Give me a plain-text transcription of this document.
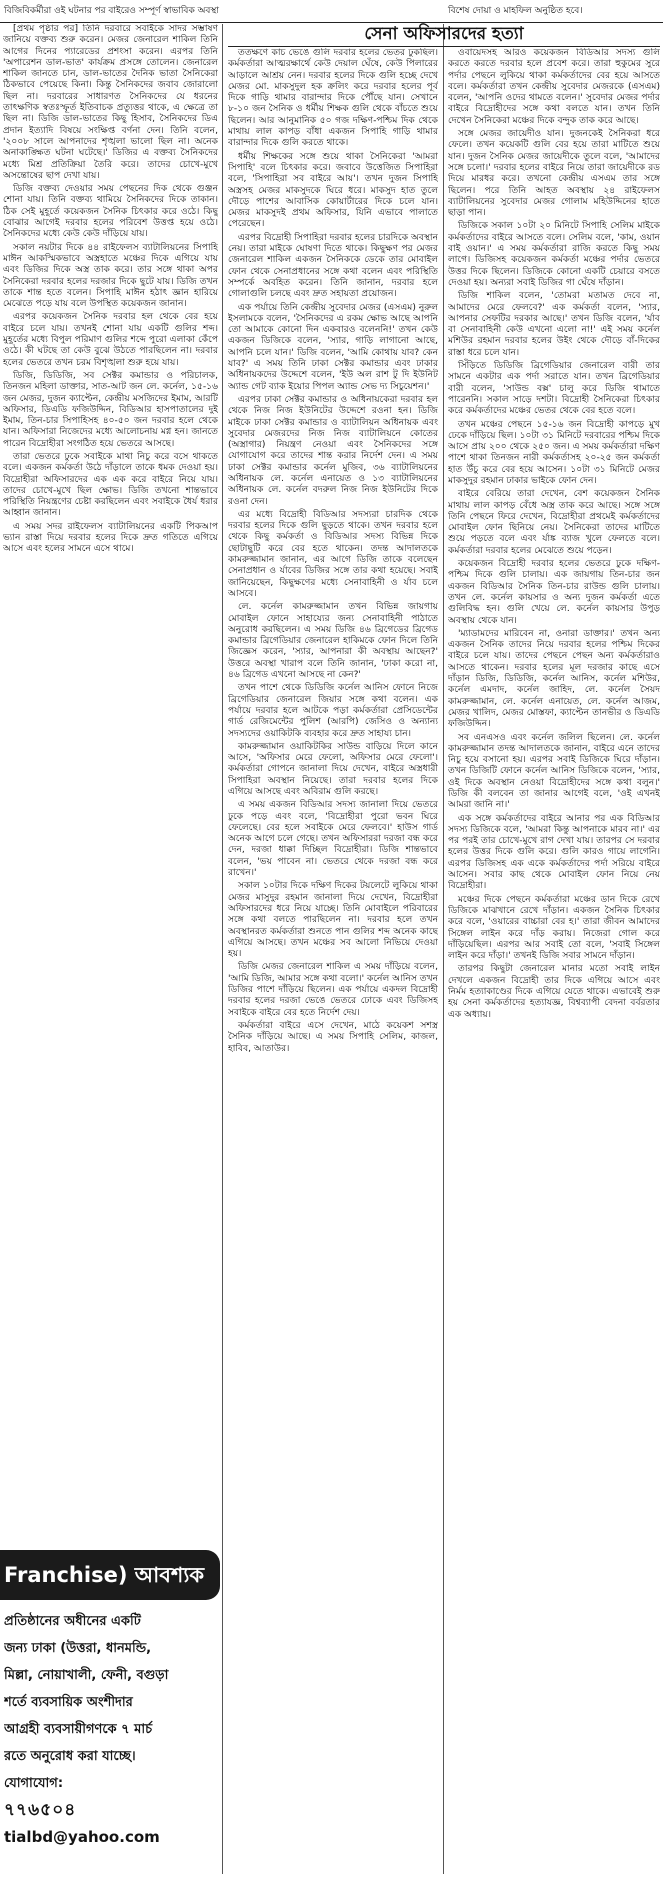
বিজিবিকর্মীরা ওই ঘটনার পর বাইরেও সম্পূর্ণ স্বাভাবিক অবস্থা	বিশেষ দোয়া ও মাহফিল অনুষ্ঠিত হবে।
সেনা অফিসারদের হত্যা

[প্রথম পৃষ্ঠার পর] তিনি দরবারে সবাইকে সাদর সম্ভাষণ জানিয়ে বক্তব্য শুরু করেন। মেজর জেনারেল শাকিল তিনি আগের দিনের প্যারেডের প্রশংসা করেন। এরপর তিনি 'অপারেশন ডাল-ভাত' কার্যক্রম প্রসঙ্গে তোলেন। জেনারেল শাকিল জানতে চান, ডাল-ভাতের দৈনিক ভাতা সৈনিকেরা ঠিকভাবে পেয়েছে কিনা। কিন্তু সৈনিকদের জবাব জোরালো ছিল না। দরবারের সাধারণত সৈনিকদের যে ধরনের তাৎক্ষণিক স্বতঃস্ফূর্ত ইতিবাচক প্রত্যুত্তর থাকে, এ ক্ষেত্রে তা ছিল না। ডিজি ডাল-ভাতের কিছু হিসাব, সৈনিকদের ডিএ প্রদান ইত্যাদি বিষয়ে সংক্ষিপ্ত বর্ণনা দেন। তিনি বলেন, '২০০৮ সালে আপনাদের শৃঙ্খলা ভালো ছিল না। অনেক অনাকাঙ্ক্ষিত ঘটনা ঘটেছে।' ডিজির এ বক্তব্য সৈনিকদের মধ্যে মিশ্র প্রতিক্রিয়া তৈরি করে। তাদের চোখে-মুখে অসন্তোষের ছাপ দেখা যায়।

ডিজি বক্তব্য দেওয়ার সময় পেছনের দিক থেকে গুঞ্জন শোনা যায়। তিনি বক্তব্য থামিয়ে সৈনিকদের দিকে তাকান। ঠিক সেই মুহূর্তে কয়েকজন সৈনিক চিৎকার করে ওঠে। কিছু বোঝার আগেই দরবার হলের পরিবেশ উত্তপ্ত হয়ে ওঠে। সৈনিকদের মধ্যে কেউ কেউ দাঁড়িয়ে যায়।

সকাল নয়টার দিকে ৪৪ রাইফেলস ব্যাটালিয়নের সিপাহি মাঈন আকস্মিকভাবে অস্ত্রহাতে মঞ্চের দিকে এগিয়ে যায় এবং ডিজির দিকে অস্ত্র তাক করে। তার সঙ্গে থাকা অপর সৈনিকেরা দরবার হলের দরজার দিকে ছুটে যায়। ডিজি তখন তাকে শান্ত হতে বলেন। সিপাহি মাঈন হঠাৎ জ্ঞান হারিয়ে মেঝেতে পড়ে যায় বলে উপস্থিত কয়েকজন জানান।

এরপর কয়েকজন সৈনিক দরবার হল থেকে বের হয়ে বাইরে চলে যায়। তখনই শোনা যায় একটি গুলির শব্দ। মুহূর্তের মধ্যে বিপুল পরিমাণ গুলির শব্দে পুরো এলাকা কেঁপে ওঠে। কী ঘটছে তা কেউ বুঝে উঠতে পারছিলেন না। দরবার হলের ভেতরে তখন চরম বিশৃঙ্খলা শুরু হয়ে যায়।

ডিজি, ডিডিজি, সব সেক্টর কমান্ডার ও পরিচালক, তিনজন মহিলা ডাক্তার, সাত-আট জন লে. কর্নেল, ১৫-১৬ জন মেজর, দুজন ক্যাপ্টেন, কেন্দ্রীয় মসজিদের ইমাম, আরটি অফিসার, ডিএডি ফজিউদ্দিন, বিডিআর হাসপাতালের দুই ইমাম, তিন-চার সিপাহিসহ ৪০-৫০ জন দরবার হলে থেকে যান। অফিসারা নিজেদের মধ্যে আলোচনায় মগ্ন হন। জানতে পারেন বিদ্রোহীরা সংগঠিত হয়ে ভেতরে আসছে।

তারা ভেতরে ঢুকে সবাইকে মাথা নিচু করে বসে থাকতে বলে। একজন কর্মকর্তা উঠে দাঁড়ালে তাকে ধমক দেওয়া হয়। বিদ্রোহীরা অফিসারদের এক এক করে বাইরে নিয়ে যায়। তাদের চোখে-মুখে ছিল ক্ষোভ। ডিজি তখনো শান্তভাবে পরিস্থিতি নিয়ন্ত্রণের চেষ্টা করছিলেন এবং সবাইকে ধৈর্য ধরার আহ্বান জানান।

এ সময় সদর রাইফেলস ব্যাটালিয়নের একটি পিকআপ ভ্যান রাস্তা দিয়ে দরবার হলের দিকে দ্রুত গতিতে এগিয়ে আসে এবং হলের সামনে এসে থামে।

ততক্ষণে কাচ ভেঙে গুলি দরবার হলের ভেতর ঢুকছিল। কর্মকর্তারা আত্মরক্ষার্থে কেউ দেয়াল ঘেঁষে, কেউ পিলারের আড়ালে আশ্রয় নেন। দরবার হলের দিকে গুলি হচ্ছে দেখে মেজর মো. মাকসুদুল হক ক্রলিং করে দরবার হলের পূর্ব দিকে গাড়ি থামার বারান্দার দিকে পৌঁছে যান। সেখানে ৮-১০ জন সৈনিক ও ধর্মীয় শিক্ষক গুলি থেকে বাঁচতে শুয়ে ছিলেন। আর আনুমানিক ৫০ গজ দক্ষিণ-পশ্চিম দিক থেকে মাথায় লাল কাপড় বাঁধা একজন সিপাহি গাড়ি থামার বারান্দার দিকে গুলি করতে থাকে।

ধর্মীয় শিক্ষকের সঙ্গে শুয়ে থাকা সৈনিকেরা 'আমরা সিপাহি' বলে চিৎকার করে। জবাবে উত্তেজিত সিপাহিরা বলে, 'সিপাহিরা সব বাইরে আয়'। তখন দুজন সিপাহি অস্ত্রসহ মেজর মাকসুদকে ঘিরে ধরে। মাকসুদ হাত তুলে দৌড়ে পাশের আবাসিক কোয়ার্টারের দিকে চলে যান। মেজর মাকসুদই প্রথম অফিসার, যিনি এভাবে পালাতে পেরেছেন।

এরপর বিদ্রোহী সিপাহিরা দরবার হলের চারদিকে অবস্থান নেয়। তারা মাইকে ঘোষণা দিতে থাকে। কিছুক্ষণ পর মেজর জেনারেল শাকিল একজন সৈনিককে ডেকে তার মোবাইল ফোন থেকে সেনাপ্রধানের সঙ্গে কথা বলেন এবং পরিস্থিতি সম্পর্কে অবহিত করেন। তিনি জানান, দরবার হলে গোলাগুলি চলছে এবং দ্রুত সহায়তা প্রয়োজন।

এক পর্যায়ে তিনি কেন্দ্রীয় সুবেদার মেজর (এসএম) নুরুল ইসলামকে বলেন, 'সৈনিকদের এ রকম ক্ষোভ আছে আপনি তো আমাকে কোনো দিন একবারও বলেননি!' তখন কেউ একজন ডিজিকে বলেন, 'স্যার, গাড়ি লাগানো আছে, আপনি চলে যান।' ডিজি বলেন, 'আমি কোথায় যাব? কেন যাব?' এ সময় তিনি ঢাকা সেক্টর কমান্ডার এবং ঢাকার অধিনায়কদের উদ্দেশে বলেন, 'ইউ অল রাশ টু দি ইউনিট অ্যান্ড গেট ব্যাক ইয়োর পিপল অ্যান্ড সেভ দ্য সিচুয়েশন।'

এরপর ঢাকা সেক্টর কমান্ডার ও অধিনায়কেরা দরবার হল থেকে নিজ নিজ ইউনিটের উদ্দেশে রওনা হন। ডিজি মাইকে ঢাকা সেক্টর কমান্ডার ও ব্যাটালিয়ন অধিনায়ক এবং সুবেদার মেজরদের নিজ নিজ ব্যাটালিয়নে কোতের (অস্ত্রাগার) নিয়ন্ত্রণ নেওয়া এবং সৈনিকদের সঙ্গে যোগাযোগ করে তাদের শান্ত করার নির্দেশ দেন। এ সময় ঢাকা সেক্টর কমান্ডার কর্নেল মুজিব, ৩৬ ব্যাটালিয়নের অধিনায়ক লে. কর্নেল এনায়েত ও ১৩ ব্যাটালিয়নের অধিনায়ক লে. কর্নেল বদরুল নিজ নিজ ইউনিটের দিকে রওনা দেন।

এর মধ্যে বিদ্রোহী বিডিআর সদস্যরা চারদিক থেকে দরবার হলের দিকে গুলি ছুড়তে থাকে। তখন দরবার হলে থেকে কিছু কর্মকর্তা ও বিডিআর সদস্য বিভিন্ন দিকে ছোটাছুটি করে বের হতে থাকেন। তদন্ত আদালতকে কামরুজ্জামান জানান, এর আগে ডিজি তাকে বলেছেন সেনাপ্রধান ও র্যাবের ডিজির সঙ্গে তার কথা হয়েছে। সবাই জানিয়েছেন, কিছুক্ষণের মধ্যে সেনাবাহিনী ও র্যাব চলে আসবে।

লে. কর্নেল কামরুজ্জামান তখন বিভিন্ন জায়গায় মোবাইল ফোনে সাহায্যের জন্য সেনাবাহিনী পাঠাতে অনুরোধ করছিলেন। এ সময় ডিজি ৪৬ ব্রিগেডের ব্রিগেড কমান্ডার ব্রিগেডিয়ার জেনারেল হাকিমকে ফোন দিলে তিনি জিজ্ঞেস করেন, 'স্যার, আপনারা কী অবস্থায় আছেন?' উত্তরে অবস্থা খারাপ বলে তিনি জানান, 'ঢাকা করো না, ৪৬ ব্রিগেড এখনো আসছে না কেন?'

তখন পাশে থেকে ডিডিজি কর্নেল আনিস ফোনে নিজে ব্রিগেডিয়ার জেনারেল জিয়ার সঙ্গে কথা বলেন। এক পর্যায়ে দরবার হলে আটকে পড়া কর্মকর্তারা প্রেসিডেন্টের গার্ড রেজিমেন্টের পুলিশ (আরপি) জেসিও ও অন্যান্য সদস্যদের ওয়াকিটকি ব্যবহার করে দ্রুত সাহায্য চান।

কামরুজ্জামান ওয়াকিটকির সাউন্ড বাড়িয়ে দিলে কানে আসে, 'অফিসার মেরে ফেলো, অফিসার মেরে ফেলো'। কর্মকর্তারা গোপনে জানালা দিয়ে দেখেন, বাইরে অস্ত্রধারী সিপাহিরা অবস্থান নিয়েছে। তারা দরবার হলের দিকে এগিয়ে আসছে এবং অবিরাম গুলি করছে।

এ সময় একজন বিডিআর সদস্য জানালা দিয়ে ভেতরে ঢুকে পড়ে এবং বলে, 'বিদ্রোহীরা পুরো ভবন ঘিরে ফেলেছে। বের হলে সবাইকে মেরে ফেলবে।' হাউস গার্ড অনেক আগে চলে গেছে। তখন অফিসাররা দরজা বন্ধ করে দেন, দরজা ধাক্কা দিচ্ছিল বিদ্রোহীরা। ডিজি শান্তভাবে বলেন, 'ভয় পাবেন না। ভেতরে থেকে দরজা বন্ধ করে রাখেন।'

সকাল ১০টার দিকে দক্ষিণ দিকের টয়লেটে লুকিয়ে থাকা মেজর মাসুদুর রহমান জানালা দিয়ে দেখেন, বিদ্রোহীরা অফিসারদের ধরে নিয়ে যাচ্ছে। তিনি মোবাইলে পরিবারের সঙ্গে কথা বলতে পারছিলেন না। দরবার হলে তখন অবস্থানরত কর্মকর্তারা শুনতে পান গুলির শব্দ অনেক কাছে এগিয়ে আসছে। তখন মঞ্চের সব আলো নিভিয়ে দেওয়া হয়।

ডিজি মেজর জেনারেল শাকিল এ সময় দাঁড়িয়ে বলেন, 'আমি ডিজি, আমার সঙ্গে কথা বলো।' কর্নেল আনিস তখন ডিজির পাশে দাঁড়িয়ে ছিলেন। এক পর্যায়ে একদল বিদ্রোহী দরবার হলের দরজা ভেঙে ভেতরে ঢোকে এবং ডিজিসহ সবাইকে বাইরে বের হতে নির্দেশ দেয়।

কর্মকর্তারা বাইরে এসে দেখেন, মাঠে কয়েকশ সশস্ত্র সৈনিক দাঁড়িয়ে আছে। এ সময় সিপাহি সেলিম, কাজল, হাবিব, আতাউর।

ওবায়েদসহ আরও কয়েকজন বিডিআর সদস্য গুলি করতে করতে দরবার হলে প্রবেশ করে। তারা হুকুমের সুরে পর্দার পেছনে লুকিয়ে থাকা কর্মকর্তাদের বের হয়ে আসতে বলে। কর্মকর্তারা তখন কেন্দ্রীয় সুবেদার মেজরকে (এসএম) বলেন, 'আপনি ওদের থামতে বলেন।' সুবেদার মেজর পর্দার বাইরে বিদ্রোহীদের সঙ্গে কথা বলতে যান। তখন তিনি দেখেন সৈনিকেরা মঞ্চের দিকে বন্দুক তাক করে আছে।

সঙ্গে মেজর জায়েদীও যান। দুজনকেই সৈনিকরা ধরে ফেলে। তখন কয়েকটি গুলি বের হয়ে তারা মাটিতে শুয়ে যান। দুজন সৈনিক মেজর জায়েদীকে তুলে বলে, 'আমাদের সঙ্গে চলো।' দরবার হলের বাইরে নিয়ে তারা জায়েদীকে রড দিয়ে মারধর করে। তখনো কেন্দ্রীয় এসএম তার সঙ্গে ছিলেন। পরে তিনি আহত অবস্থায় ২৪ রাইফেলস ব্যাটালিয়নের সুবেদার মেজর গোলাম মহিউদ্দিনের হাতে ছাড়া পান।

ডিজিকে সকাল ১০টা ২০ মিনিটে সিপাহি সেলিম মাইকে কর্মকর্তাদের বাইরে আসতে বলে। সেলিম বলে, 'কাম, ওয়ান বাই ওয়ান।' এ সময় কর্মকর্তারা রাজি করতে কিছু সময় লাগে। ডিজিসহ কয়েকজন কর্মকর্তা মঞ্চের পর্দার ভেতরে উত্তর দিকে ছিলেন। ডিজিকে কোনো একটি চেয়ারে বসতে দেওয়া হয়। অন্যরা সবাই ডিজির গা ঘেঁষে দাঁড়ান।

ডিজি শাকিল বলেন, 'তোমরা মতামত দেবে না, আমাদের মেরে ফেলবে?' এক কর্মকর্তা বলেন, 'স্যার, আপনার সেফটির দরকার আছে।' তখন ডিজি বলেন, 'র্যাব বা সেনাবাহিনী কেউ এখনো এলো না!' এই সময় কর্নেল মশিউর রহমান দরবার হলের উইং থেকে দৌড়ে বাঁ-দিকের রাস্তা ধরে চলে যান।

সিঁড়িতে ডিডিজি ব্রিগেডিয়ার জেনারেল বারী তার সামনে একটার এক পর্দা সরাতে যান। তখন ব্রিগেডিয়ার বারী বলেন, 'সাউন্ড বক্স' চালু করে ডিজি থামাতে পারেননি। সকাল সাড়ে দশটা। বিদ্রোহী সৈনিকেরা চিৎকার করে কর্মকর্তাদের মঞ্চের ভেতর থেকে বের হতে বলে।

তখন মঞ্চের পেছনে ১৫-১৬ জন বিদ্রোহী কাপড়ে মুখ ঢেকে দাঁড়িয়ে ছিল। ১০টা ৩১ মিনিটে দরবারের পশ্চিম দিকে আসে প্রায় ২০০ থেকে ২৫০ জন। এ সময় কর্মকর্তারা দক্ষিণ পাশে থাকা তিনজন নারী কর্মকর্তাসহ ২০-২৫ জন কর্মকর্তা হাত উঁচু করে বের হয়ে আসেন। ১০টা ৩১ মিনিটে মেজর মাকসুদুর রহমান ঢাকার ভাইকে ফোন দেন।

বাইরে বেরিয়ে তারা দেখেন, বেশ কয়েকজন সৈনিক মাথায় লাল কাপড় বেঁধে অস্ত্র তাক করে আছে। সঙ্গে সঙ্গে তিনি পেছনে ফিরে দেখেন, বিদ্রোহীরা প্রথমেই কর্মকর্তাদের মোবাইল ফোন ছিনিয়ে নেয়। সৈনিকেরা তাদের মাটিতে শুয়ে পড়তে বলে এবং র্যাঙ্ক ব্যাজ খুলে ফেলতে বলে। কর্মকর্তারা দরবার হলের মেঝেতে শুয়ে পড়েন।

কয়েকজন বিদ্রোহী দরবার হলের ভেতরে ঢুকে দক্ষিণ-পশ্চিম দিকে গুলি চালায়। এক জায়গায় তিন-চার জন একজন বিডিআর সৈনিক তিন-চার রাউন্ড গুলি চালায়। তখন লে. কর্নেল কায়সার ও অন্য দুজন কর্মকর্তা এতে গুলিবিদ্ধ হন। গুলি খেয়ে লে. কর্নেল কায়সার উপুড় অবস্থায় থেকে যান।

'ম্যাডামদের মারিবেন না, ওনারা ডাক্তার।' তখন অন্য একজন সৈনিক তাদের নিয়ে দরবার হলের পশ্চিম দিকের বাইরে চলে যায়। তাদের পেছনে পেছন অন্য কর্মকর্তারাও আসতে থাকেন। দরবার হলের মূল দরজার কাছে এসে দাঁড়ান ডিজি, ডিডিজি, কর্নেল আনিস, কর্নেল মশিউর, কর্নেল এমদাদ, কর্নেল জাহিদ, লে. কর্নেল সৈয়দ কামরুজ্জামান, লে. কর্নেল এনায়েত, লে. কর্নেল আজম, মেজর খালিদ, মেজর মোস্তফা, ক্যাপ্টেন তানভীর ও ডিএডি ফজিউদ্দিন।

সব এনএসও এবং কর্নেল জলিল ছিলেন। লে. কর্নেল কামরুজ্জামান তদন্ত আদালতকে জানান, বাইরে এনে তাদের নিচু হয়ে বসানো হয়। এরপর সবাই ডিজিকে ঘিরে দাঁড়ান। তখন ডিজিটি ফোনে কর্নেল আনিস ডিজিকে বলেন, 'স্যার, ওই দিকে অবস্থান নেওয়া বিদ্রোহীদের সঙ্গে কথা বলুন।' ডিজি কী বলবেন তা জানার আগেই বলে, 'ওই এখনই আমরা জানি না।'

এক সঙ্গে কর্মকর্তাদের বাইরে আনার পর এক বিডিআর সদস্য ডিজিকে বলে, 'আমরা কিন্তু আপনাকে মারব না।' এর পর পরই তার চোখে-মুখে রাগ দেখা যায়। তারপর সে দরবার হলের উত্তর দিকে গুলি করে। গুলি কারও গায়ে লাগেনি। এরপর ডিজিসহ এক একে কর্মকর্তাদের পর্দা সরিয়ে বাইরে আসেন। সবার কাছ থেকে মোবাইল ফোন নিয়ে নেয় বিদ্রোহীরা।

মঞ্চের দিকে পেছনে কর্মকর্তারা মঞ্চের ডান দিকে রেখে ডিজিকে মাঝখানে রেখে দাঁড়ান। একজন সৈনিক চিৎকার করে বলে, 'ওয়ারের বাচ্চারা বের হ।' তারা জীবন আমাদের সিঙ্গেল লাইন করে দাঁড় করায়। নিজেরা গোল করে দাঁড়িয়েছিল। এরপর আর সবাই তো বলে, 'সবাই সিঙ্গেল লাইন করে দাঁড়া।' তখনই ডিজি সবার সামনে দাঁড়ান।

তারপর কিছুটা জেনারেল মানার মতো সবাই লাইন দেখলে একজন বিদ্রোহী তার দিকে এগিয়ে আসে এবং নির্মম হত্যাকাণ্ডের দিকে এগিয়ে যেতে থাকে। এভাবেই শুরু হয় সেনা কর্মকর্তাদের হত্যাযজ্ঞ, বিশ্বব্যাপী বেদনা বর্বরতার এক অধ্যায়।

Franchise) আবশ্যক
প্রতিষ্ঠানের অধীনের একটি
জন্য ঢাকা (উত্তরা, ধানমন্ডি,
মিল্লা, নোয়াখালী, ফেনী, বগুড়া
শর্তে ব্যবসায়িক অংশীদার
আগ্রহী ব্যবসায়ীগণকে ৭ মার্চ
রতে অনুরোধ করা যাচ্ছে।
যোগাযোগ:
৭৭৬৫০৪
tialbd@yahoo.com
